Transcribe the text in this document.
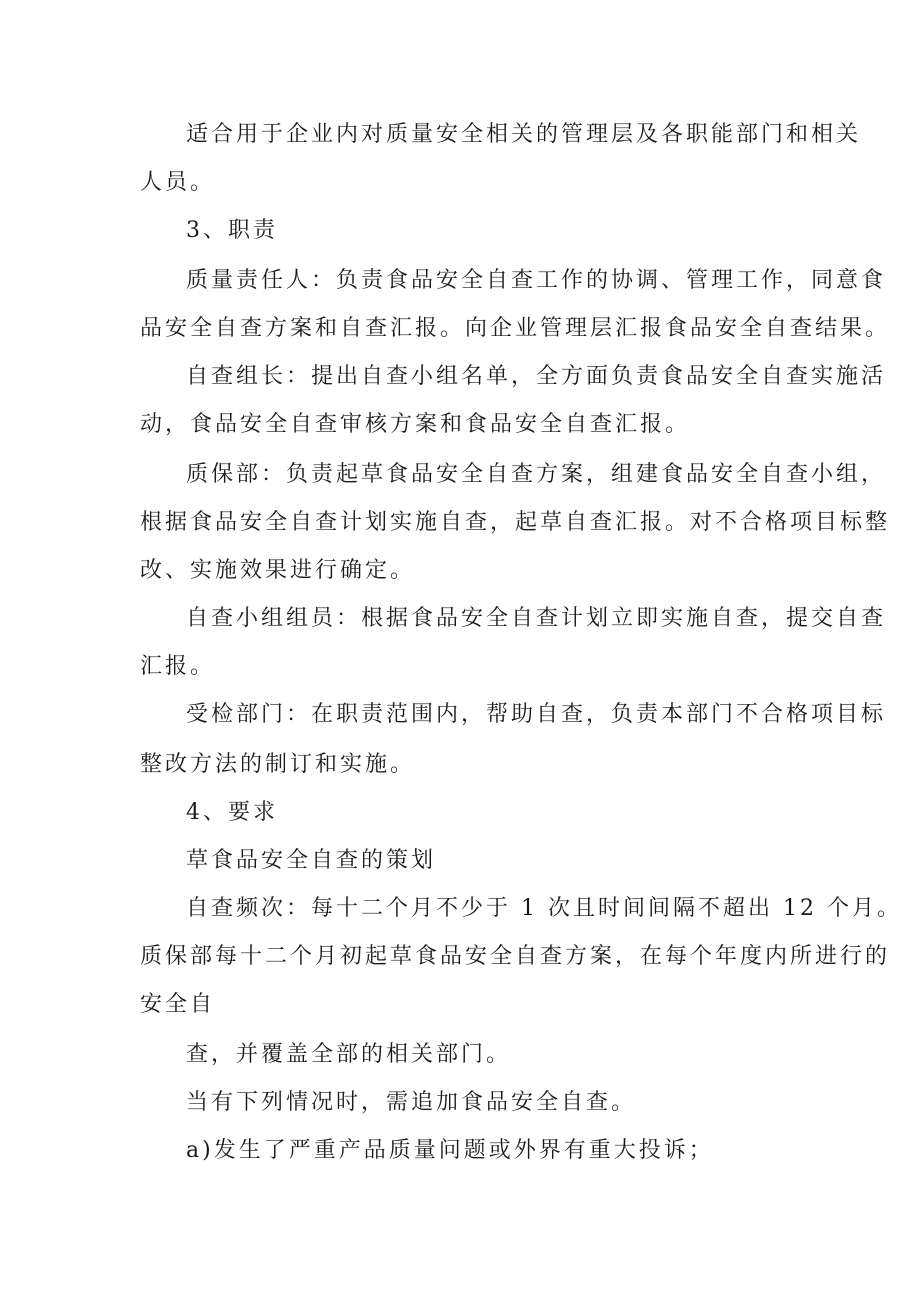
适合用于企业内对质量安全相关的管理层及各职能部门和相关

人员。

3、职责

质量责任人：负责食品安全自查工作的协调、管理工作，同意食

品安全自查方案和自查汇报。向企业管理层汇报食品安全自查结果。

自查组长：提出自查小组名单，全方面负责食品安全自查实施活

动，食品安全自查审核方案和食品安全自查汇报。

质保部：负责起草食品安全自查方案，组建食品安全自查小组，

根据食品安全自查计划实施自查，起草自查汇报。对不合格项目标整

改、实施效果进行确定。

自查小组组员：根据食品安全自查计划立即实施自查，提交自查

汇报。

受检部门：在职责范围内，帮助自查，负责本部门不合格项目标

整改方法的制订和实施。

4、要求

草食品安全自查的策划

自查频次：每十二个月不少于 1 次且时间间隔不超出 12 个月。

质保部每十二个月初起草食品安全自查方案，在每个年度内所进行的

安全自

查，并覆盖全部的相关部门。

当有下列情况时，需追加食品安全自查。

a)发生了严重产品质量问题或外界有重大投诉；
